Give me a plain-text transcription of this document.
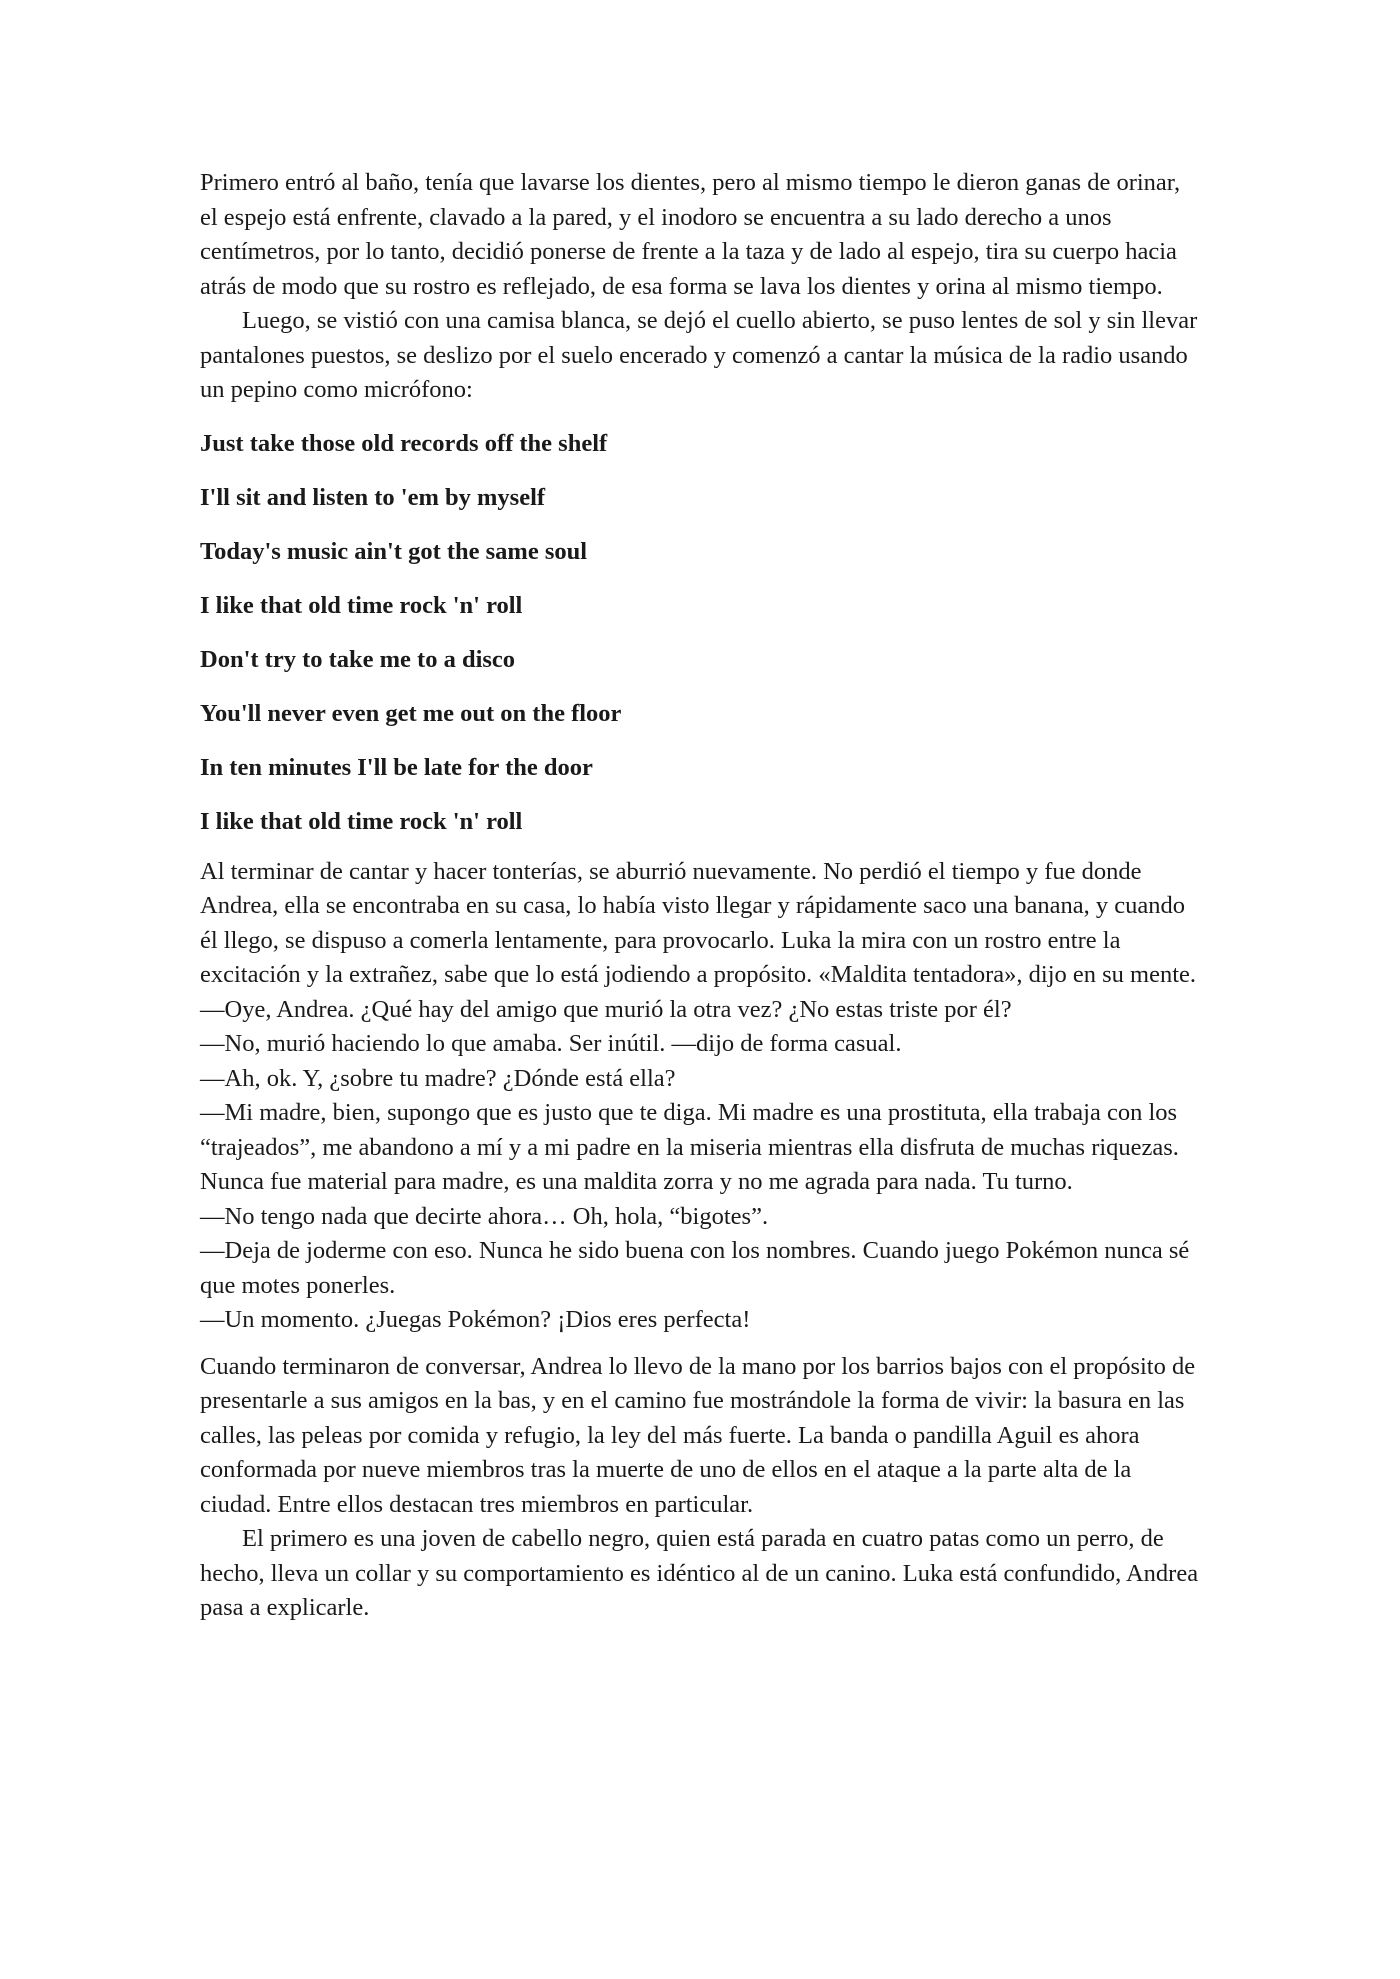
Primero entró al baño, tenía que lavarse los dientes, pero al mismo tiempo le dieron ganas de orinar, el espejo está enfrente, clavado a la pared, y el inodoro se encuentra a su lado derecho a unos centímetros, por lo tanto, decidió ponerse de frente a la taza y de lado al espejo, tira su cuerpo hacia atrás de modo que su rostro es reflejado, de esa forma se lava los dientes y orina al mismo tiempo.

Luego, se vistió con una camisa blanca, se dejó el cuello abierto, se puso lentes de sol y sin llevar pantalones puestos, se deslizo por el suelo encerado y comenzó a cantar la música de la radio usando un pepino como micrófono:

Just take those old records off the shelf

I'll sit and listen to 'em by myself

Today's music ain't got the same soul

I like that old time rock 'n' roll

Don't try to take me to a disco

You'll never even get me out on the floor

In ten minutes I'll be late for the door

I like that old time rock 'n' roll

Al terminar de cantar y hacer tonterías, se aburrió nuevamente. No perdió el tiempo y fue donde Andrea, ella se encontraba en su casa, lo había visto llegar y rápidamente saco una banana, y cuando él llego, se dispuso a comerla lentamente, para provocarlo. Luka la mira con un rostro entre la excitación y la extrañez, sabe que lo está jodiendo a propósito. «Maldita tentadora», dijo en su mente.

—Oye, Andrea. ¿Qué hay del amigo que murió la otra vez? ¿No estas triste por él?

—No, murió haciendo lo que amaba. Ser inútil. —dijo de forma casual.

—Ah, ok. Y, ¿sobre tu madre? ¿Dónde está ella?

—Mi madre, bien, supongo que es justo que te diga. Mi madre es una prostituta, ella trabaja con los “trajeados”, me abandono a mí y a mi padre en la miseria mientras ella disfruta de muchas riquezas. Nunca fue material para madre, es una maldita zorra y no me agrada para nada. Tu turno.

—No tengo nada que decirte ahora… Oh, hola, “bigotes”.

—Deja de joderme con eso. Nunca he sido buena con los nombres. Cuando juego Pokémon nunca sé que motes ponerles.

—Un momento. ¿Juegas Pokémon? ¡Dios eres perfecta!

Cuando terminaron de conversar, Andrea lo llevo de la mano por los barrios bajos con el propósito de presentarle a sus amigos en la bas, y en el camino fue mostrándole la forma de vivir: la basura en las calles, las peleas por comida y refugio, la ley del más fuerte. La banda o pandilla Aguil es ahora conformada por nueve miembros tras la muerte de uno de ellos en el ataque a la parte alta de la ciudad. Entre ellos destacan tres miembros en particular.

El primero es una joven de cabello negro, quien está parada en cuatro patas como un perro, de hecho, lleva un collar y su comportamiento es idéntico al de un canino. Luka está confundido, Andrea pasa a explicarle.
